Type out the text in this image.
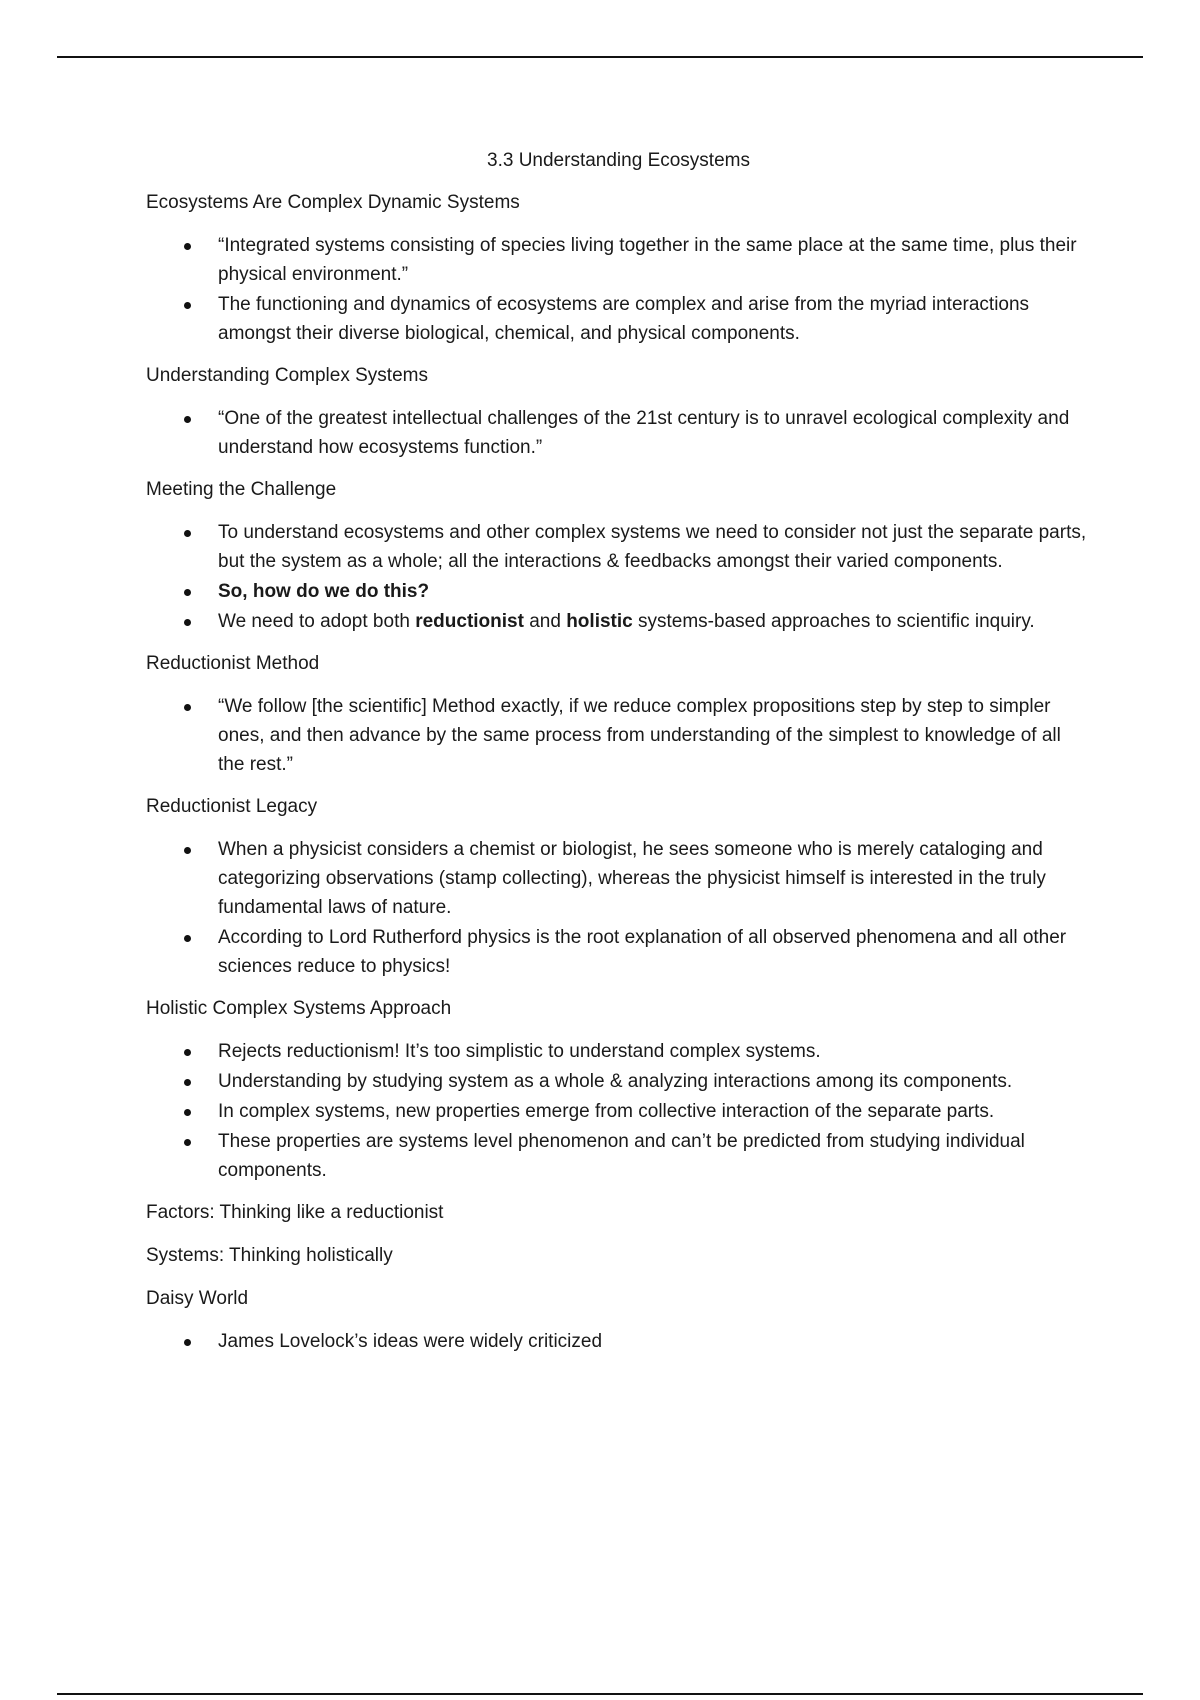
3.3 Understanding Ecosystems
Ecosystems Are Complex Dynamic Systems
“Integrated systems consisting of species living together in the same place at the same time, plus their physical environment.”
The functioning and dynamics of ecosystems are complex and arise from the myriad interactions amongst their diverse biological, chemical, and physical components.
Understanding Complex Systems
“One of the greatest intellectual challenges of the 21st century is to unravel ecological complexity and understand how ecosystems function.”
Meeting the Challenge
To understand ecosystems and other complex systems we need to consider not just the separate parts, but the system as a whole; all the interactions & feedbacks amongst their varied components.
So, how do we do this?
We need to adopt both reductionist and holistic systems-based approaches to scientific inquiry.
Reductionist Method
“We follow [the scientific] Method exactly, if we reduce complex propositions step by step to simpler ones, and then advance by the same process from understanding of the simplest to knowledge of all the rest.”
Reductionist Legacy
When a physicist considers a chemist or biologist, he sees someone who is merely cataloging and categorizing observations (stamp collecting), whereas the physicist himself is interested in the truly fundamental laws of nature.
According to Lord Rutherford physics is the root explanation of all observed phenomena and all other sciences reduce to physics!
Holistic Complex Systems Approach
Rejects reductionism! It’s too simplistic to understand complex systems.
Understanding by studying system as a whole & analyzing interactions among its components.
In complex systems, new properties emerge from collective interaction of the separate parts.
These properties are systems level phenomenon and can’t be predicted from studying individual components.
Factors: Thinking like a reductionist
Systems: Thinking holistically
Daisy World
James Lovelock’s ideas were widely criticized
